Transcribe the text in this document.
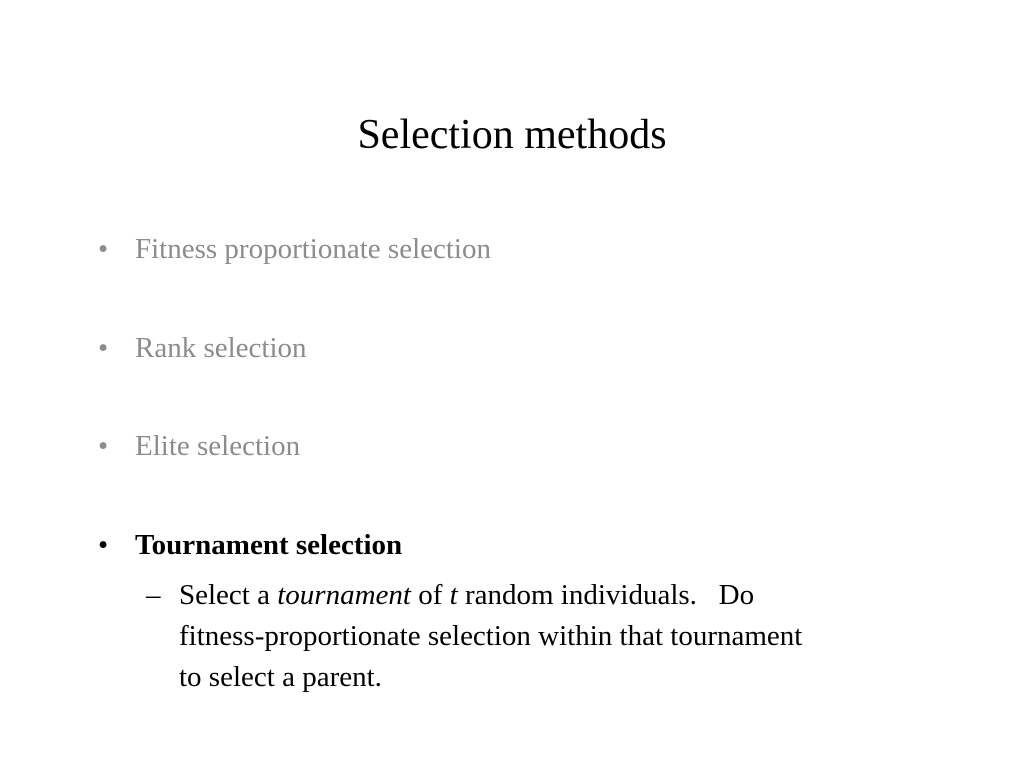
Selection methods
• Fitness proportionate selection
• Rank selection
• Elite selection
• Tournament selection
– Select a tournament of t random individuals.   Do
fitness-proportionate selection within that tournament
to select a parent.
